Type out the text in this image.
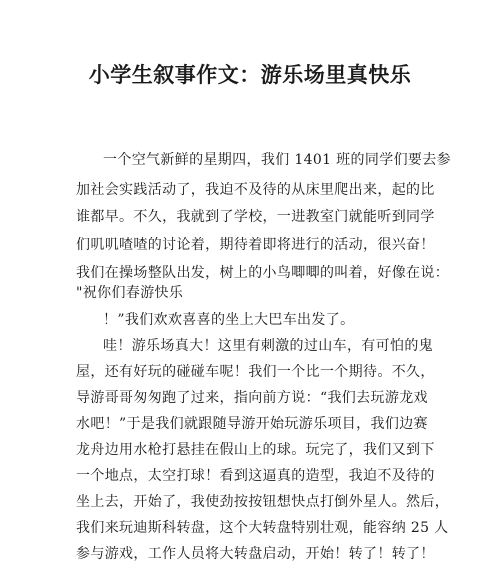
小学生叙事作文：游乐场里真快乐
一个空气新鲜的星期四，我们 1401 班的同学们要去参
加社会实践活动了，我迫不及待的从床里爬出来，起的比
谁都早。不久，我就到了学校，一进教室门就能听到同学
们叽叽喳喳的讨论着，期待着即将进行的活动，很兴奋！
我们在操场整队出发，树上的小鸟唧唧的叫着，好像在说：
"祝你们春游快乐
！”我们欢欢喜喜的坐上大巴车出发了。
哇！游乐场真大！这里有刺激的过山车，有可怕的鬼
屋，还有好玩的碰碰车呢！我们一个比一个期待。不久，
导游哥哥匆匆跑了过来，指向前方说：“我们去玩游龙戏
水吧！”于是我们就跟随导游开始玩游乐项目，我们边赛
龙舟边用水枪打悬挂在假山上的球。玩完了，我们又到下
一个地点，太空打球！看到这逼真的造型，我迫不及待的
坐上去，开始了，我使劲按按钮想快点打倒外星人。然后，
我们来玩迪斯科转盘，这个大转盘特别壮观，能容纳 25 人
参与游戏，工作人员将大转盘启动，开始！转了！转了！
